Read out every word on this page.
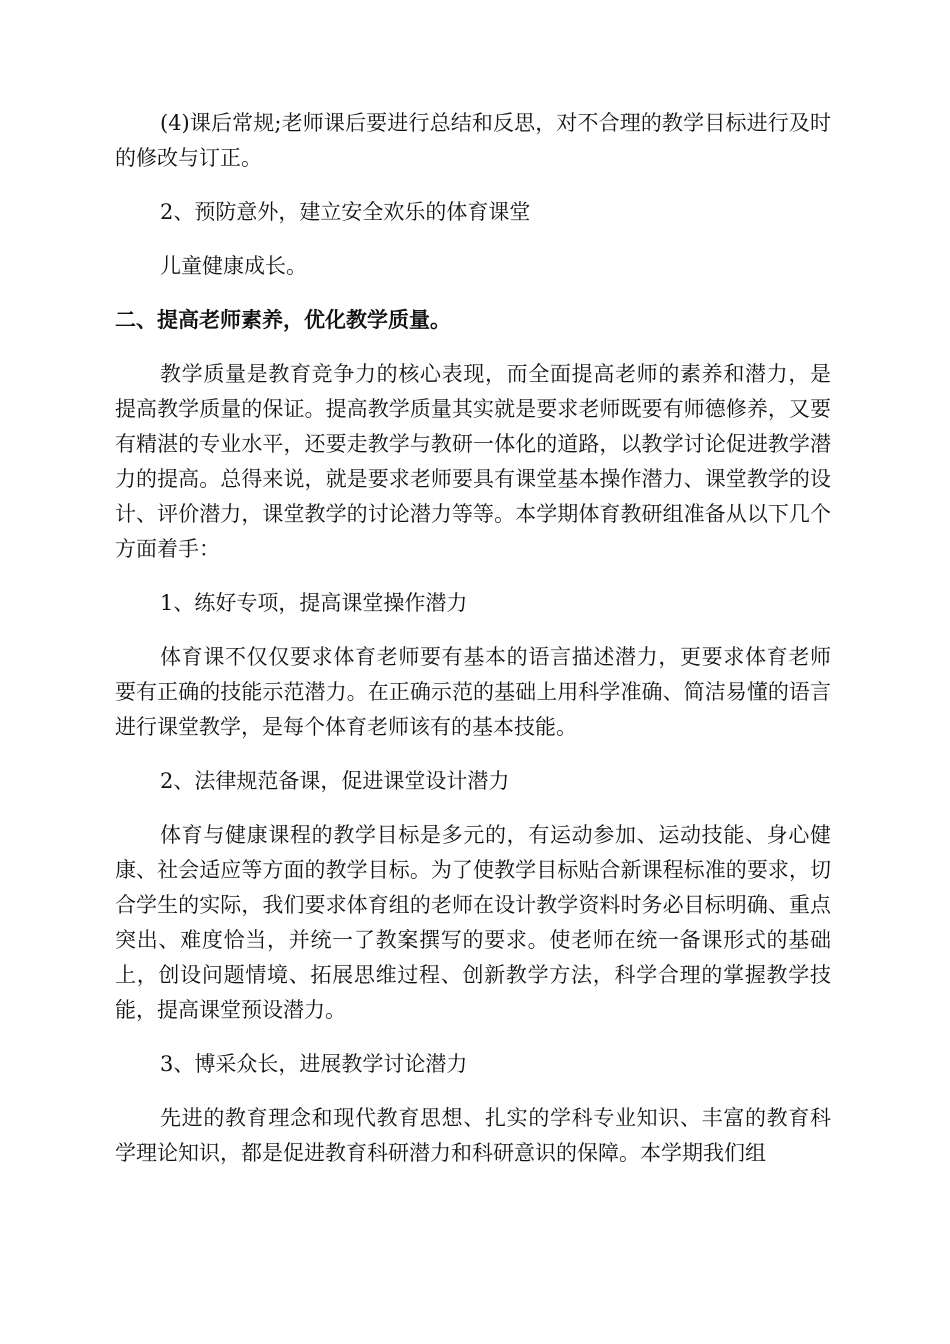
(4)课后常规;老师课后要进行总结和反思，对不合理的教学目标进行及时的修改与订正。

2、预防意外，建立安全欢乐的体育课堂

儿童健康成长。

二、提高老师素养，优化教学质量。

教学质量是教育竞争力的核心表现，而全面提高老师的素养和潜力，是提高教学质量的保证。提高教学质量其实就是要求老师既要有师德修养，又要有精湛的专业水平，还要走教学与教研一体化的道路，以教学讨论促进教学潜力的提高。总得来说，就是要求老师要具有课堂基本操作潜力、课堂教学的设计、评价潜力，课堂教学的讨论潜力等等。本学期体育教研组准备从以下几个方面着手：

1、练好专项，提高课堂操作潜力

体育课不仅仅要求体育老师要有基本的语言描述潜力，更要求体育老师要有正确的技能示范潜力。在正确示范的基础上用科学准确、简洁易懂的语言进行课堂教学，是每个体育老师该有的基本技能。

2、法律规范备课，促进课堂设计潜力

体育与健康课程的教学目标是多元的，有运动参加、运动技能、身心健康、社会适应等方面的教学目标。为了使教学目标贴合新课程标准的要求，切合学生的实际，我们要求体育组的老师在设计教学资料时务必目标明确、重点突出、难度恰当，并统一了教案撰写的要求。使老师在统一备课形式的基础上，创设问题情境、拓展思维过程、创新教学方法，科学合理的掌握教学技能，提高课堂预设潜力。

3、博采众长，进展教学讨论潜力

先进的教育理念和现代教育思想、扎实的学科专业知识、丰富的教育科学理论知识，都是促进教育科研潜力和科研意识的保障。本学期我们组
